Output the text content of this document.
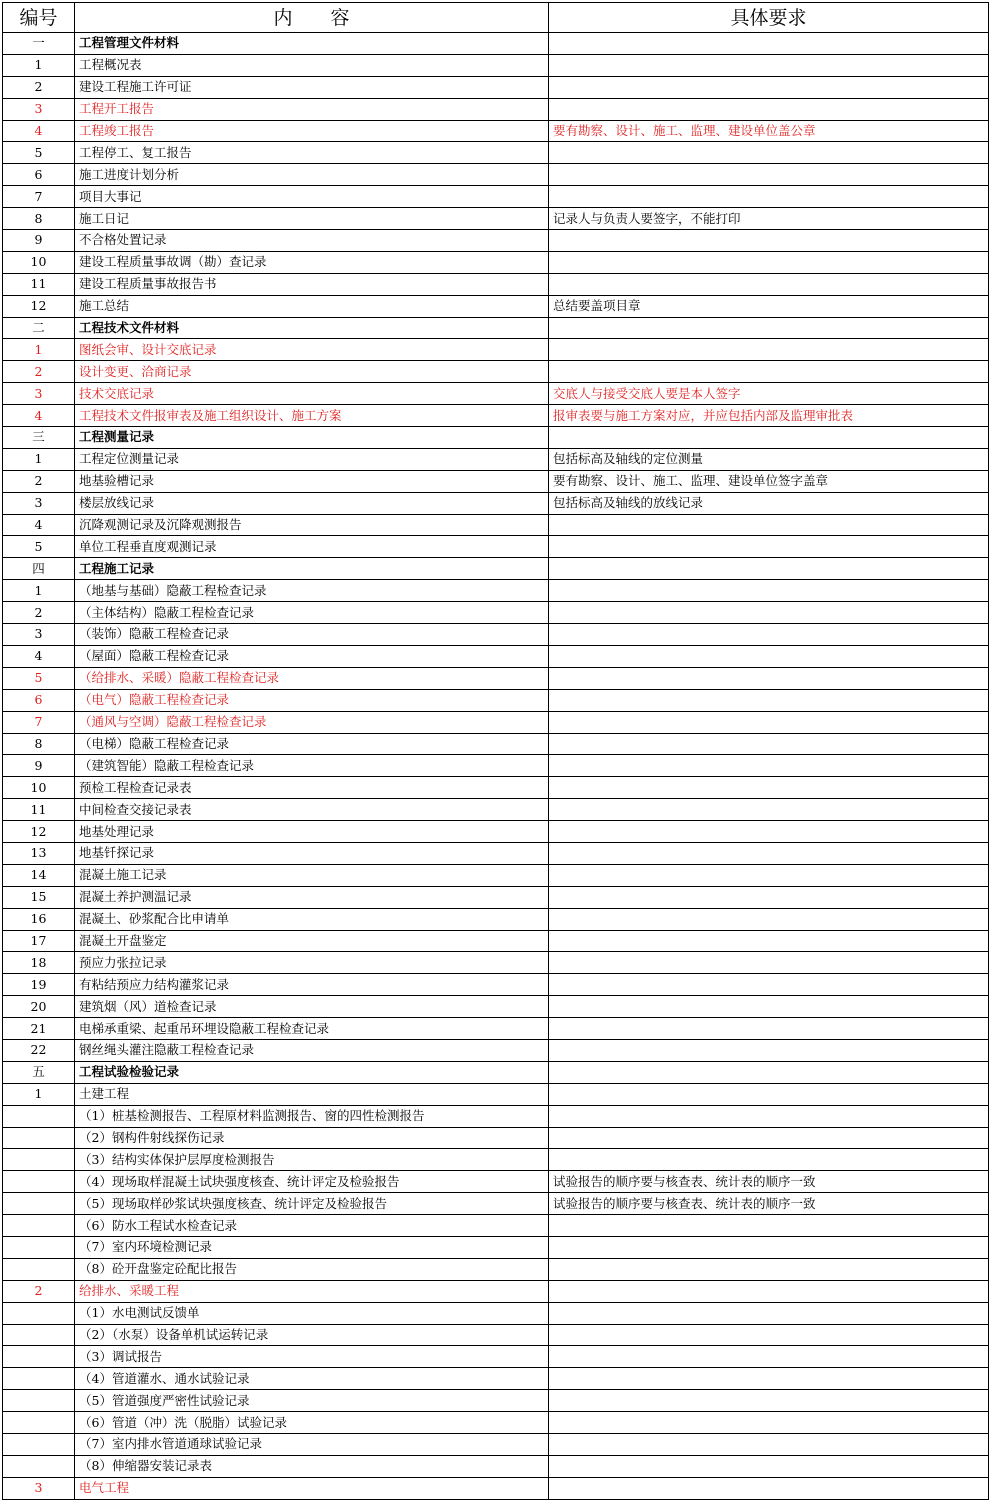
编号	内　　容	具体要求
一	工程管理文件材料	
1	工程概况表	
2	建设工程施工许可证	
3	工程开工报告	
4	工程竣工报告	要有勘察、设计、施工、监理、建设单位盖公章
5	工程停工、复工报告	
6	施工进度计划分析	
7	项目大事记	
8	施工日记	记录人与负责人要签字，不能打印
9	不合格处置记录	
10	建设工程质量事故调（勘）查记录	
11	建设工程质量事故报告书	
12	施工总结	总结要盖项目章
二	工程技术文件材料	
1	图纸会审、设计交底记录	
2	设计变更、洽商记录	
3	技术交底记录	交底人与接受交底人要是本人签字
4	工程技术文件报审表及施工组织设计、施工方案	报审表要与施工方案对应，并应包括内部及监理审批表
三	工程测量记录	
1	工程定位测量记录	包括标高及轴线的定位测量
2	地基验槽记录	要有勘察、设计、施工、监理、建设单位签字盖章
3	楼层放线记录	包括标高及轴线的放线记录
4	沉降观测记录及沉降观测报告	
5	单位工程垂直度观测记录	
四	工程施工记录	
1	（地基与基础）隐蔽工程检查记录	
2	（主体结构）隐蔽工程检查记录	
3	（装饰）隐蔽工程检查记录	
4	（屋面）隐蔽工程检查记录	
5	（给排水、采暖）隐蔽工程检查记录	
6	（电气）隐蔽工程检查记录	
7	（通风与空调）隐蔽工程检查记录	
8	（电梯）隐蔽工程检查记录	
9	（建筑智能）隐蔽工程检查记录	
10	预检工程检查记录表	
11	中间检查交接记录表	
12	地基处理记录	
13	地基钎探记录	
14	混凝土施工记录	
15	混凝土养护测温记录	
16	混凝土、砂浆配合比申请单	
17	混凝土开盘鉴定	
18	预应力张拉记录	
19	有粘结预应力结构灌浆记录	
20	建筑烟（风）道检查记录	
21	电梯承重梁、起重吊环埋设隐蔽工程检查记录	
22	钢丝绳头灌注隐蔽工程检查记录	
五	工程试验检验记录	
1	土建工程	
	（1）桩基检测报告、工程原材料监测报告、窗的四性检测报告	
	（2）钢构件射线探伤记录	
	（3）结构实体保护层厚度检测报告	
	（4）现场取样混凝土试块强度核查、统计评定及检验报告	试验报告的顺序要与核查表、统计表的顺序一致
	（5）现场取样砂浆试块强度核查、统计评定及检验报告	试验报告的顺序要与核查表、统计表的顺序一致
	（6）防水工程试水检查记录	
	（7）室内环境检测记录	
	（8）砼开盘鉴定砼配比报告	
2	给排水、采暖工程	
	（1）水电测试反馈单	
	（2）（水泵）设备单机试运转记录	
	（3）调试报告	
	（4）管道灌水、通水试验记录	
	（5）管道强度严密性试验记录	
	（6）管道（冲）洗（脱脂）试验记录	
	（7）室内排水管道通球试验记录	
	（8）伸缩器安装记录表	
3	电气工程	
